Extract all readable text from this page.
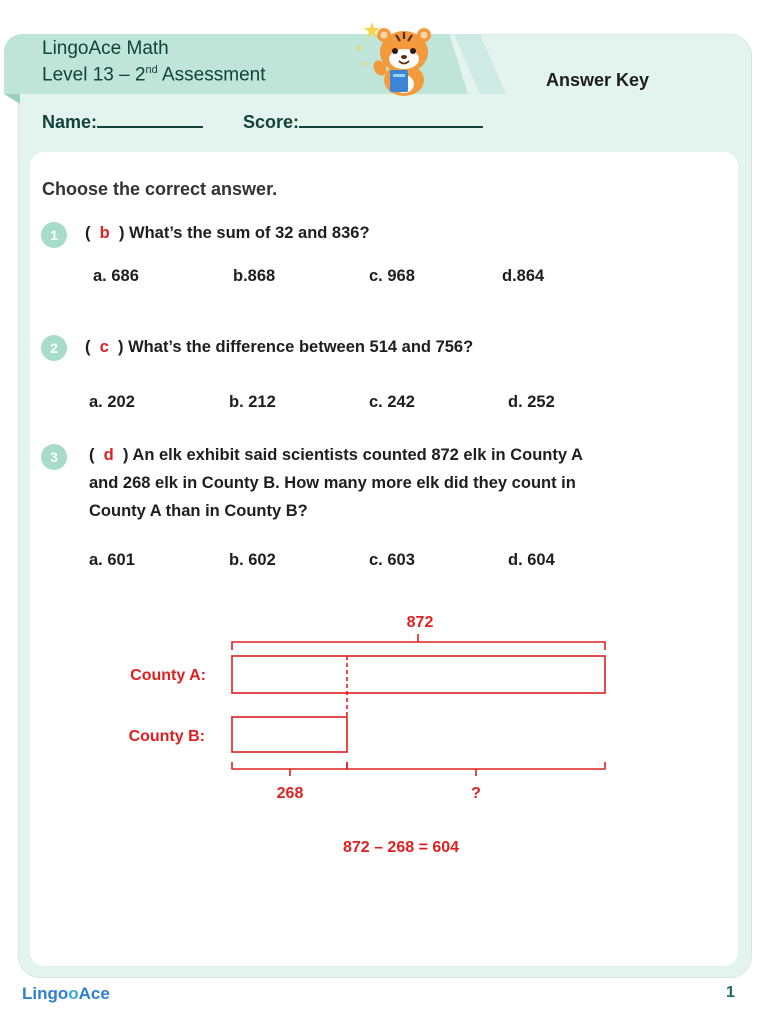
LingoAce Math
Level 13 – 2nd Assessment	Answer Key
Name:	Score:
Choose the correct answer.
1	( b ) What’s the sum of 32 and 836?
a. 686	b.868	c. 968	d.864
2	( c ) What’s the difference between 514 and 756?
a. 202	b. 212	c. 242	d. 252
3	( d ) An elk exhibit said scientists counted 872 elk in County A
and 268 elk in County B. How many more elk did they count in
County A than in County B?
a. 601	b. 602	c. 603	d. 604
872
County A:
County B:
268	?
872 – 268 = 604
LingooAce	1
